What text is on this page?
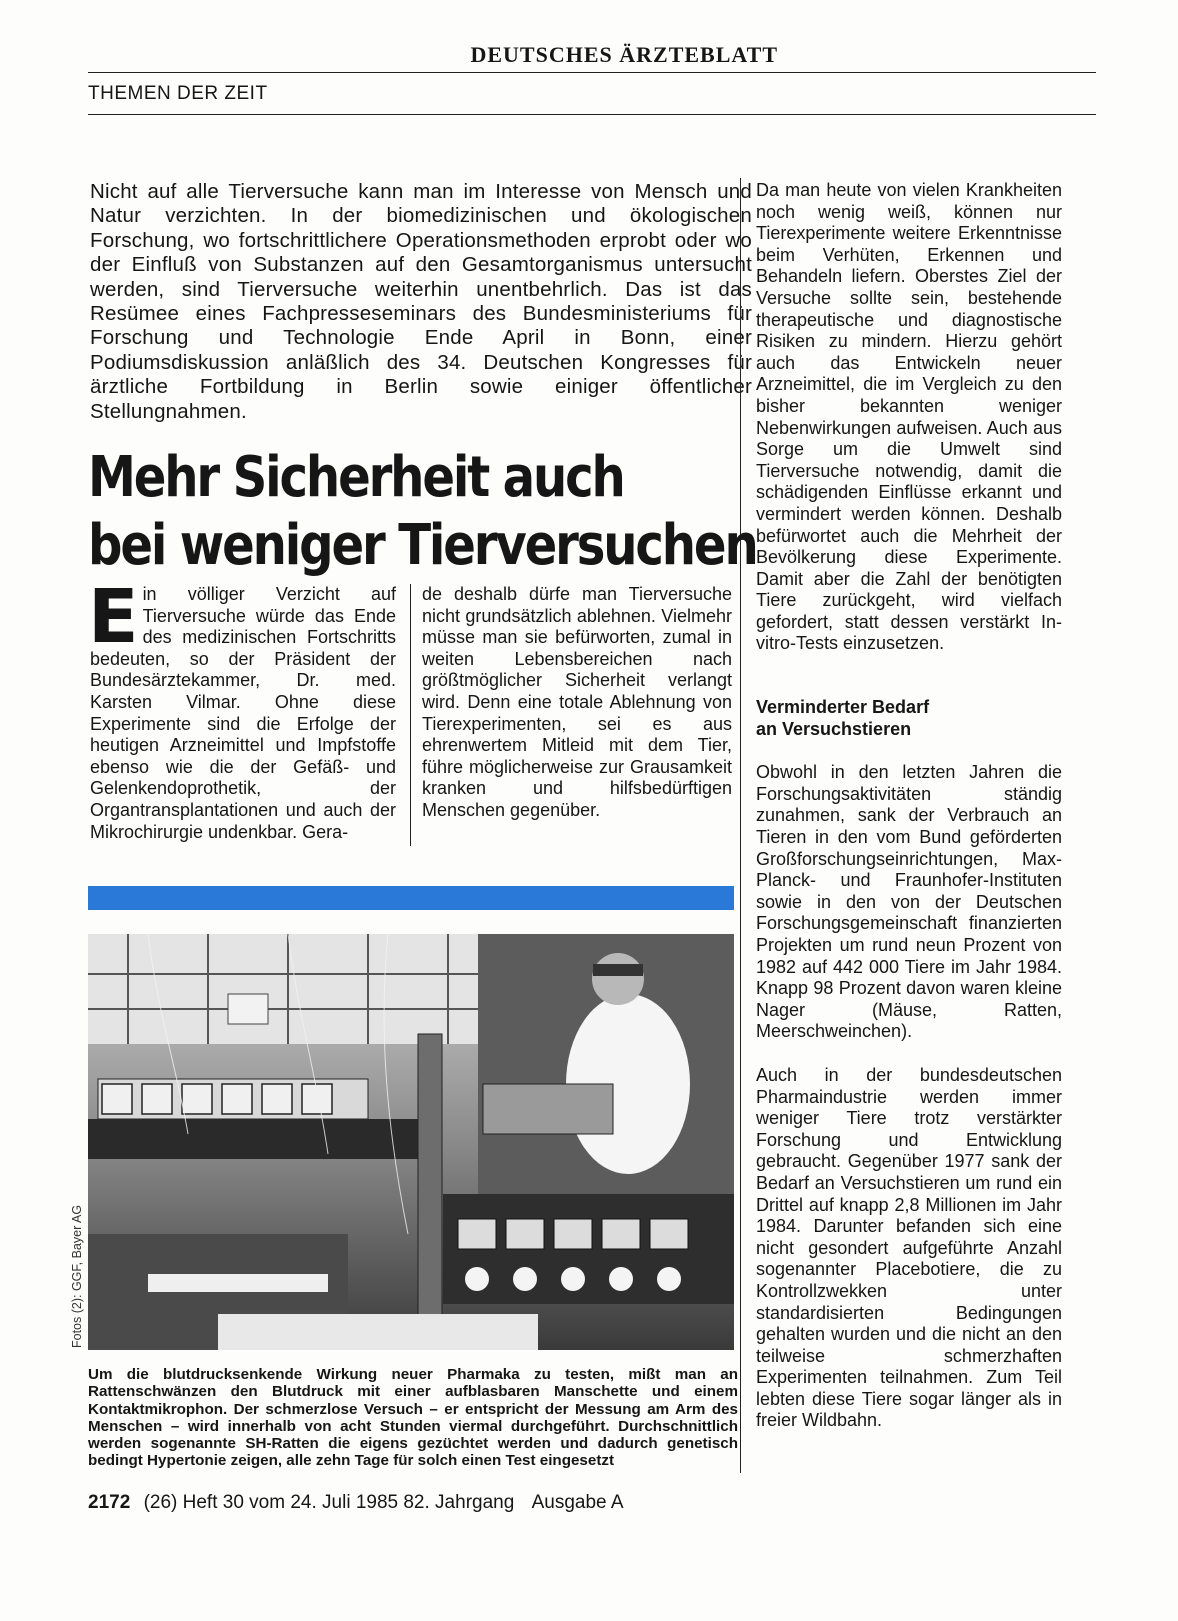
DEUTSCHES ÄRZTEBLATT
THEMEN DER ZEIT
Nicht auf alle Tierversuche kann man im Interesse von Mensch und Natur verzichten. In der biomedizinischen und ökologischen Forschung, wo fortschrittlichere Operationsmethoden erprobt oder wo der Einfluß von Substanzen auf den Gesamtorganismus untersucht werden, sind Tierversuche weiterhin unentbehrlich. Das ist das Resümee eines Fachpresseseminars des Bundesministeriums für Forschung und Technologie Ende April in Bonn, einer Podiumsdiskussion anläßlich des 34. Deutschen Kongresses für ärztliche Fortbildung in Berlin sowie einiger öffentlicher Stellungnahmen.
Mehr Sicherheit auch
bei weniger Tierversuchen
E in völliger Verzicht auf Tierversuche würde das Ende des medizinischen Fortschritts bedeuten, so der Präsident der Bundesärztekammer, Dr. med. Karsten Vilmar. Ohne diese Experimente sind die Erfolge der heutigen Arzneimittel und Impfstoffe ebenso wie die der Gefäß- und Gelenkendoprothetik, der Organtransplantationen und auch der Mikrochirurgie undenkbar. Gera-

de deshalb dürfe man Tierversuche nicht grundsätzlich ablehnen. Vielmehr müsse man sie befürworten, zumal in weiten Lebensbereichen nach größtmöglicher Sicherheit verlangt wird. Denn eine totale Ablehnung von Tierexperimenten, sei es aus ehrenwertem Mitleid mit dem Tier, führe möglicherweise zur Grausamkeit kranken und hilfsbedürftigen Menschen gegenüber.

Da man heute von vielen Krankheiten noch wenig weiß, können nur Tierexperimente weitere Erkenntnisse beim Verhüten, Erkennen und Behandeln liefern. Oberstes Ziel der Versuche sollte sein, bestehende therapeutische und diagnostische Risiken zu mindern. Hierzu gehört auch das Entwickeln neuer Arzneimittel, die im Vergleich zu den bisher bekannten weniger Nebenwirkungen aufweisen. Auch aus Sorge um die Umwelt sind Tierversuche notwendig, damit die schädigenden Einflüsse erkannt und vermindert werden können. Deshalb befürwortet auch die Mehrheit der Bevölkerung diese Experimente. Damit aber die Zahl der benötigten Tiere zurückgeht, wird vielfach gefordert, statt dessen verstärkt In-vitro-Tests einzusetzen.

Verminderter Bedarf
an Versuchstieren

Obwohl in den letzten Jahren die Forschungsaktivitäten ständig zunahmen, sank der Verbrauch an Tieren in den vom Bund geförderten Großforschungseinrichtungen, Max-Planck- und Fraunhofer-Instituten sowie in den von der Deutschen Forschungsgemeinschaft finanzierten Projekten um rund neun Prozent von 1982 auf 442 000 Tiere im Jahr 1984. Knapp 98 Prozent davon waren kleine Nager (Mäuse, Ratten, Meerschweinchen).

Auch in der bundesdeutschen Pharmaindustrie werden immer weniger Tiere trotz verstärkter Forschung und Entwicklung gebraucht. Gegenüber 1977 sank der Bedarf an Versuchstieren um rund ein Drittel auf knapp 2,8 Millionen im Jahr 1984. Darunter befanden sich eine nicht gesondert aufgeführte Anzahl sogenannter Placebotiere, die zu Kontrollzwekken unter standardisierten Bedingungen gehalten wurden und die nicht an den teilweise schmerzhaften Experimenten teilnahmen. Zum Teil lebten diese Tiere sogar länger als in freier Wildbahn.

Fotos (2): GGF, Bayer AG
Um die blutdrucksenkende Wirkung neuer Pharmaka zu testen, mißt man an Rattenschwänzen den Blutdruck mit einer aufblasbaren Manschette und einem Kontaktmikrophon. Der schmerzlose Versuch – er entspricht der Messung am Arm des Menschen – wird innerhalb von acht Stunden viermal durchgeführt. Durchschnittlich werden sogenannte SH-Ratten die eigens gezüchtet werden und dadurch genetisch bedingt Hypertonie zeigen, alle zehn Tage für solch einen Test eingesetzt
2172 (26) Heft 30 vom 24. Juli 1985 82. Jahrgang Ausgabe A
